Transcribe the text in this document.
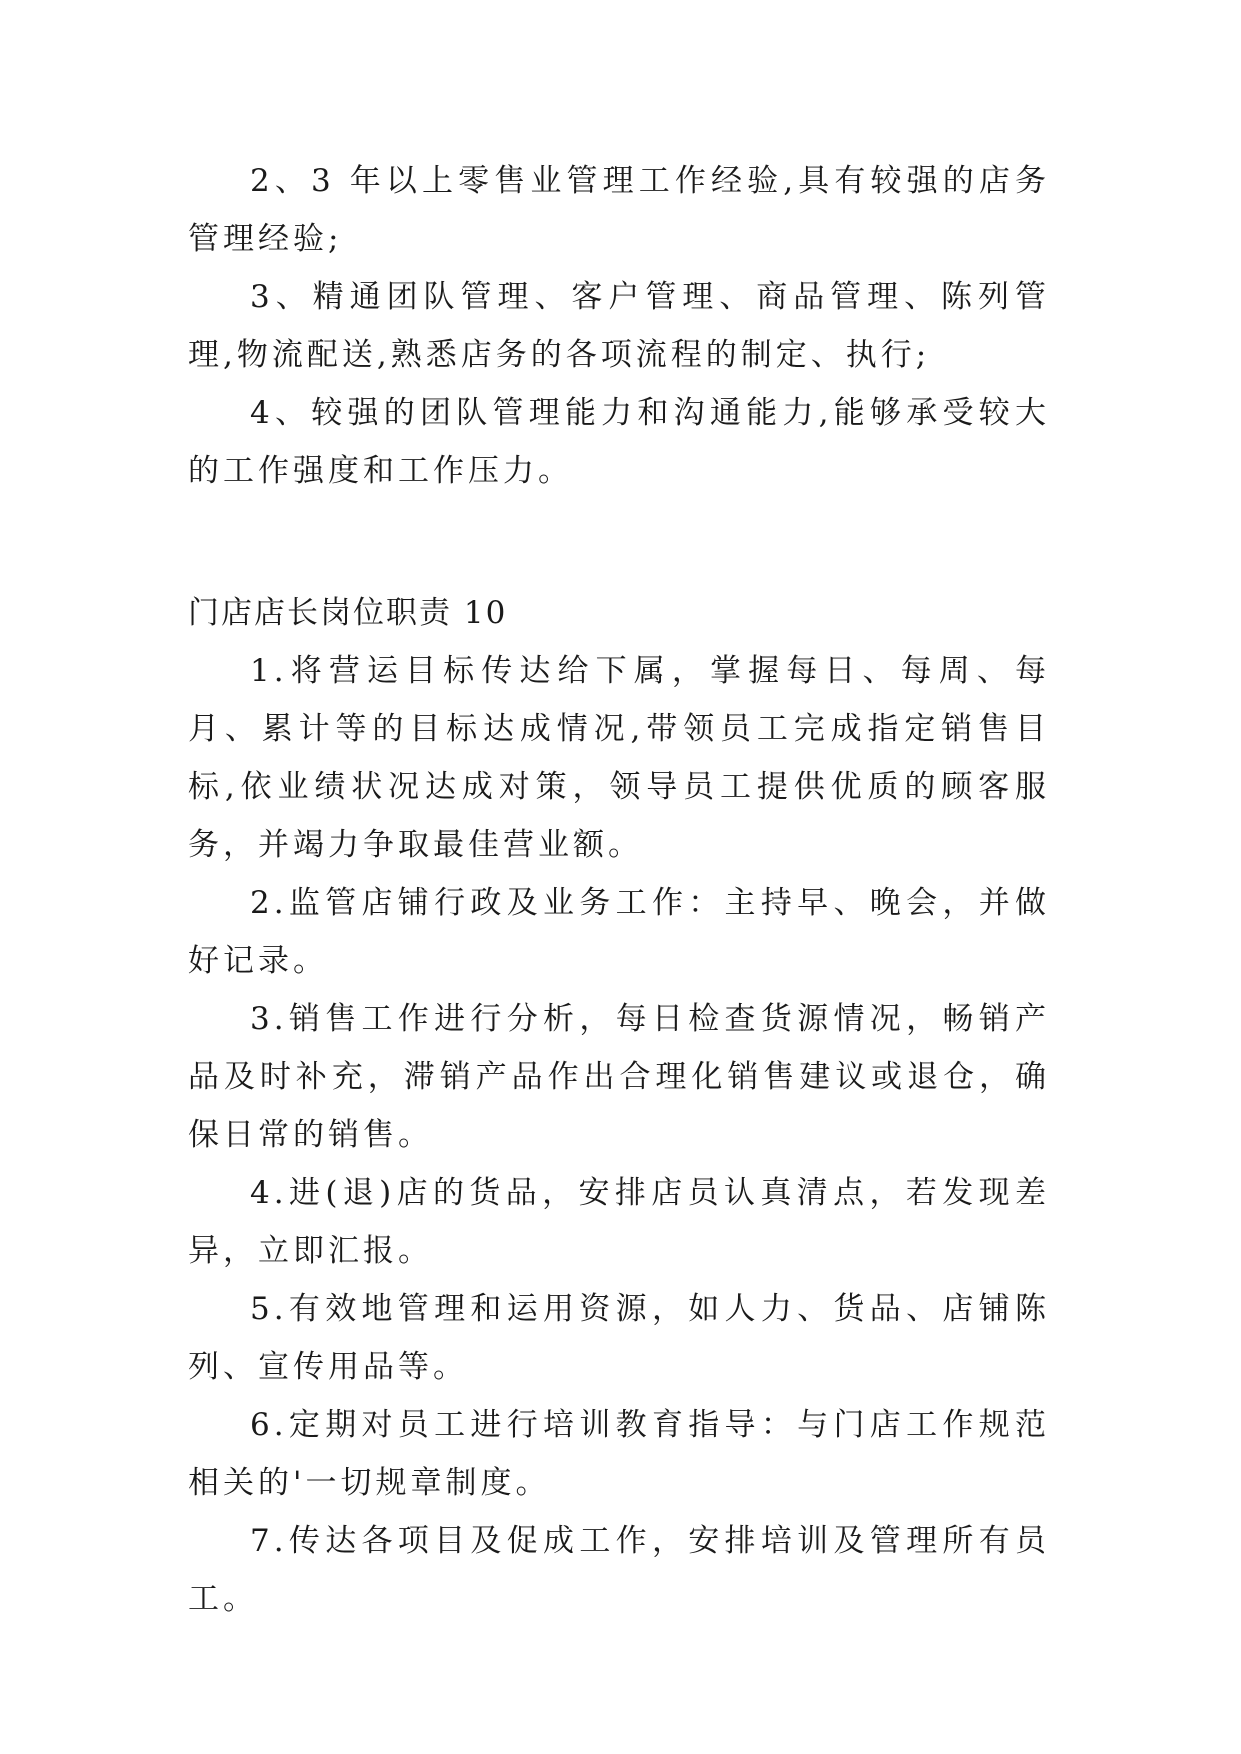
2、3 年以上零售业管理工作经验,具有较强的店务管理经验;

3、精通团队管理、客户管理、商品管理、陈列管理,物流配送,熟悉店务的各项流程的制定、执行;

4、较强的团队管理能力和沟通能力,能够承受较大的工作强度和工作压力。

门店店长岗位职责 10

1.将营运目标传达给下属，掌握每日、每周、每月、累计等的目标达成情况,带领员工完成指定销售目标,依业绩状况达成对策，领导员工提供优质的顾客服务，并竭力争取最佳营业额。

2.监管店铺行政及业务工作：主持早、晚会，并做好记录。

3.销售工作进行分析，每日检查货源情况，畅销产品及时补充，滞销产品作出合理化销售建议或退仓，确保日常的销售。

4.进(退)店的货品，安排店员认真清点，若发现差异，立即汇报。

5.有效地管理和运用资源，如人力、货品、店铺陈列、宣传用品等。

6.定期对员工进行培训教育指导：与门店工作规范相关的'一切规章制度。

7.传达各项目及促成工作，安排培训及管理所有员工。
